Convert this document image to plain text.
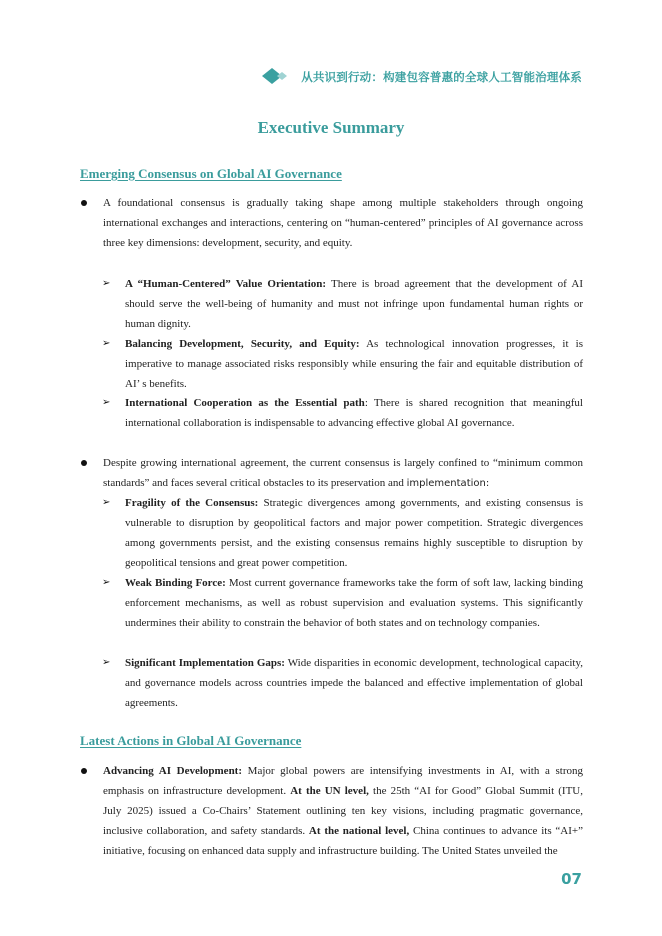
从共识到行动：构建包容普惠的全球人工智能治理体系
Executive Summary
Emerging Consensus on Global AI Governance
A foundational consensus is gradually taking shape among multiple stakeholders through ongoing international exchanges and interactions, centering on “human-centered” principles of AI governance across three key dimensions: development, security, and equity.
➢ A “Human-Centered” Value Orientation: There is broad agreement that the development of AI should serve the well-being of humanity and must not infringe upon fundamental human rights or human dignity.
➢ Balancing Development, Security, and Equity: As technological innovation progresses, it is imperative to manage associated risks responsibly while ensuring the fair and equitable distribution of AI’ s benefits.
➢ International Cooperation as the Essential path: There is shared recognition that meaningful international collaboration is indispensable to advancing effective global AI governance.
Despite growing international agreement, the current consensus is largely confined to “minimum common standards” and faces several critical obstacles to its preservation and implementation:
➢ Fragility of the Consensus: Strategic divergences among governments, and existing consensus is vulnerable to disruption by geopolitical factors and major power competition. Strategic divergences among governments persist, and the existing consensus remains highly susceptible to disruption by geopolitical tensions and great power competition.
➢ Weak Binding Force: Most current governance frameworks take the form of soft law, lacking binding enforcement mechanisms, as well as robust supervision and evaluation systems. This significantly undermines their ability to constrain the behavior of both states and on technology companies.
➢ Significant Implementation Gaps: Wide disparities in economic development, technological capacity, and governance models across countries impede the balanced and effective implementation of global agreements.
Latest Actions in Global AI Governance
Advancing AI Development: Major global powers are intensifying investments in AI, with a strong emphasis on infrastructure development. At the UN level, the 25th “AI for Good” Global Summit (ITU, July 2025) issued a Co-Chairs’ Statement outlining ten key visions, including pragmatic governance, inclusive collaboration, and safety standards. At the national level, China continues to advance its “AI+” initiative, focusing on enhanced data supply and infrastructure building. The United States unveiled the
07
